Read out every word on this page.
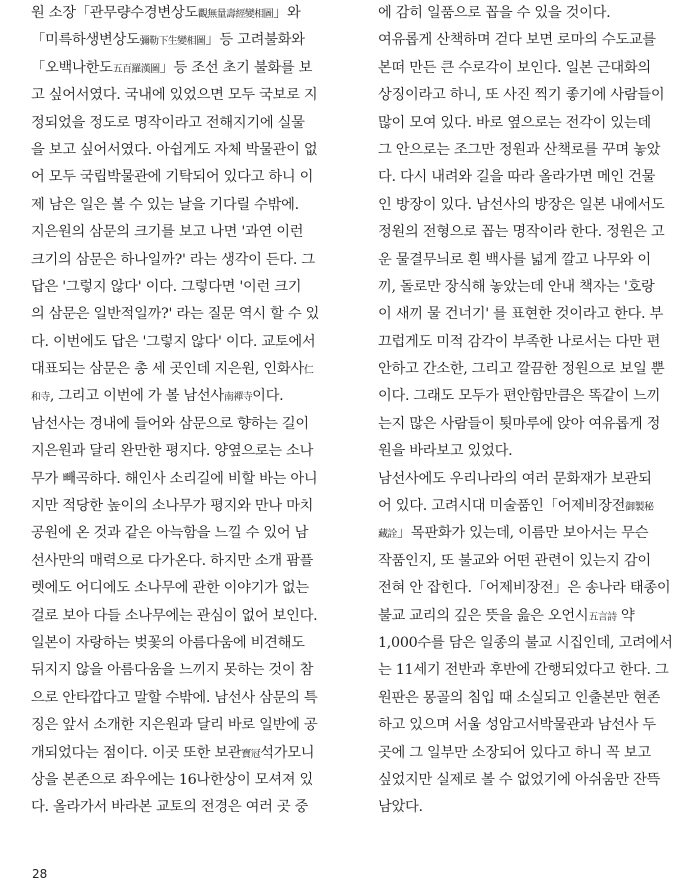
원 소장「관무량수경변상도觀無量壽經變相圖」와
「미륵하생변상도彌勒下生變相圖」등 고려불화와
「오백나한도五百羅漢圖」등 조선 초기 불화를 보
고 싶어서였다. 국내에 있었으면 모두 국보로 지
정되었을 정도로 명작이라고 전해지기에 실물
을 보고 싶어서였다. 아쉽게도 자체 박물관이 없
어 모두 국립박물관에 기탁되어 있다고 하니 이
제 남은 일은 볼 수 있는 날을 기다릴 수밖에.
지은원의 삼문의 크기를 보고 나면 '과연 이런
크기의 삼문은 하나일까?' 라는 생각이 든다. 그
답은 '그렇지 않다' 이다. 그렇다면 '이런 크기
의 삼문은 일반적일까?' 라는 질문 역시 할 수 있
다. 이번에도 답은 '그렇지 않다' 이다. 교토에서
대표되는 삼문은 총 세 곳인데 지은원, 인화사仁
和寺, 그리고 이번에 가 볼 남선사南禪寺이다.
남선사는 경내에 들어와 삼문으로 향하는 길이
지은원과 달리 완만한 평지다. 양옆으로는 소나
무가 빼곡하다. 해인사 소리길에 비할 바는 아니
지만 적당한 높이의 소나무가 평지와 만나 마치
공원에 온 것과 같은 아늑함을 느낄 수 있어 남
선사만의 매력으로 다가온다. 하지만 소개 팜플
렛에도 어디에도 소나무에 관한 이야기가 없는
걸로 보아 다들 소나무에는 관심이 없어 보인다.
일본이 자랑하는 벚꽃의 아름다움에 비견해도
뒤지지 않을 아름다움을 느끼지 못하는 것이 참
으로 안타깝다고 말할 수밖에. 남선사 삼문의 특
징은 앞서 소개한 지은원과 달리 바로 일반에 공
개되었다는 점이다. 이곳 또한 보관寶冠석가모니
상을 본존으로 좌우에는 16나한상이 모셔져 있
다. 올라가서 바라본 교토의 전경은 여러 곳 중
에 감히 일품으로 꼽을 수 있을 것이다.
여유롭게 산책하며 걷다 보면 로마의 수도교를
본떠 만든 큰 수로각이 보인다. 일본 근대화의
상징이라고 하니, 또 사진 찍기 좋기에 사람들이
많이 모여 있다. 바로 옆으로는 전각이 있는데
그 안으로는 조그만 정원과 산책로를 꾸며 놓았
다. 다시 내려와 길을 따라 올라가면 메인 건물
인 방장이 있다. 남선사의 방장은 일본 내에서도
정원의 전형으로 꼽는 명작이라 한다. 정원은 고
운 물결무늬로 흰 백사를 넓게 깔고 나무와 이
끼, 돌로만 장식해 놓았는데 안내 책자는 '호랑
이 새끼 물 건너기' 를 표현한 것이라고 한다. 부
끄럽게도 미적 감각이 부족한 나로서는 다만 편
안하고 간소한, 그리고 깔끔한 정원으로 보일 뿐
이다. 그래도 모두가 편안함만큼은 똑같이 느끼
는지 많은 사람들이 툇마루에 앉아 여유롭게 정
원을 바라보고 있었다.
남선사에도 우리나라의 여러 문화재가 보관되
어 있다. 고려시대 미술품인「어제비장전御製秘
藏詮」목판화가 있는데, 이름만 보아서는 무슨
작품인지, 또 불교와 어떤 관련이 있는지 감이
전혀 안 잡힌다.「어제비장전」은 송나라 태종이
불교 교리의 깊은 뜻을 읊은 오언시五言詩 약
1,000수를 담은 일종의 불교 시집인데, 고려에서
는 11세기 전반과 후반에 간행되었다고 한다. 그
원판은 몽골의 침입 때 소실되고 인출본만 현존
하고 있으며 서울 성암고서박물관과 남선사 두
곳에 그 일부만 소장되어 있다고 하니 꼭 보고
싶었지만 실제로 볼 수 없었기에 아쉬움만 잔뜩
남았다.
28
